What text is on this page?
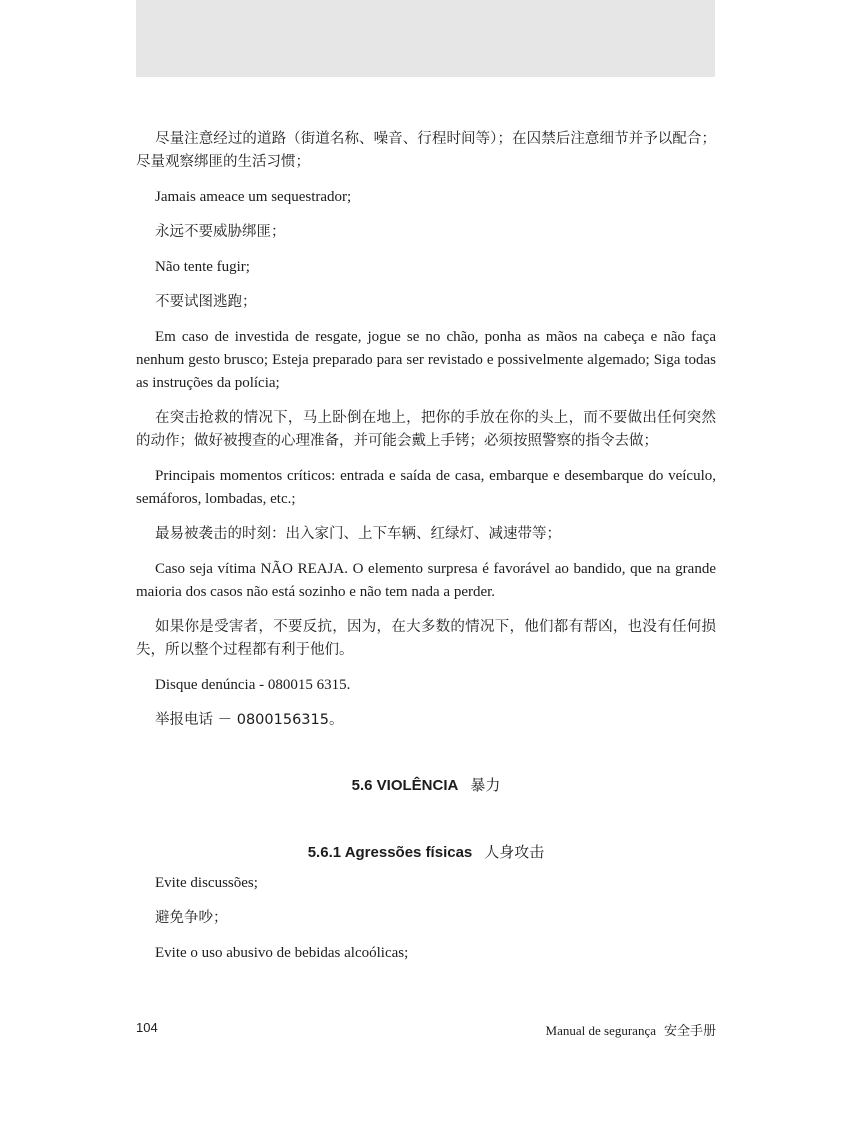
尽量注意经过的道路（街道名称、噪音、行程时间等）；在囚禁后注意细节并予以配合；尽量观察绑匪的生活习惯；

Jamais ameace um sequestrador;

永远不要威胁绑匪；

Não tente fugir;

不要试图逃跑；

Em caso de investida de resgate, jogue se no chão, ponha as mãos na cabeça e não faça nenhum gesto brusco; Esteja preparado para ser revistado e possivelmente algemado; Siga todas as instruções da polícia;

在突击抢救的情况下，马上卧倒在地上，把你的手放在你的头上，而不要做出任何突然的动作；做好被搜查的心理准备，并可能会戴上手铐；必须按照警察的指令去做；

Principais momentos críticos: entrada e saída de casa, embarque e desembarque do veículo, semáforos, lombadas, etc.;

最易被袭击的时刻：出入家门、上下车辆、红绿灯、减速带等；

Caso seja vítima NÃO REAJA. O elemento surpresa é favorável ao bandido, que na grande maioria dos casos não está sozinho e não tem nada a perder.

如果你是受害者，不要反抗，因为，在大多数的情况下，他们都有帮凶，也没有任何损失，所以整个过程都有利于他们。

Disque denúncia - 080015 6315.

举报电话 － 0800156315。

5.6 VIOLÊNCIA 暴力
5.6.1 Agressões físicas 人身攻击

Evite discussões;

避免争吵；

Evite o uso abusivo de bebidas alcoólicas;

104	Manual de segurança 安全手册
